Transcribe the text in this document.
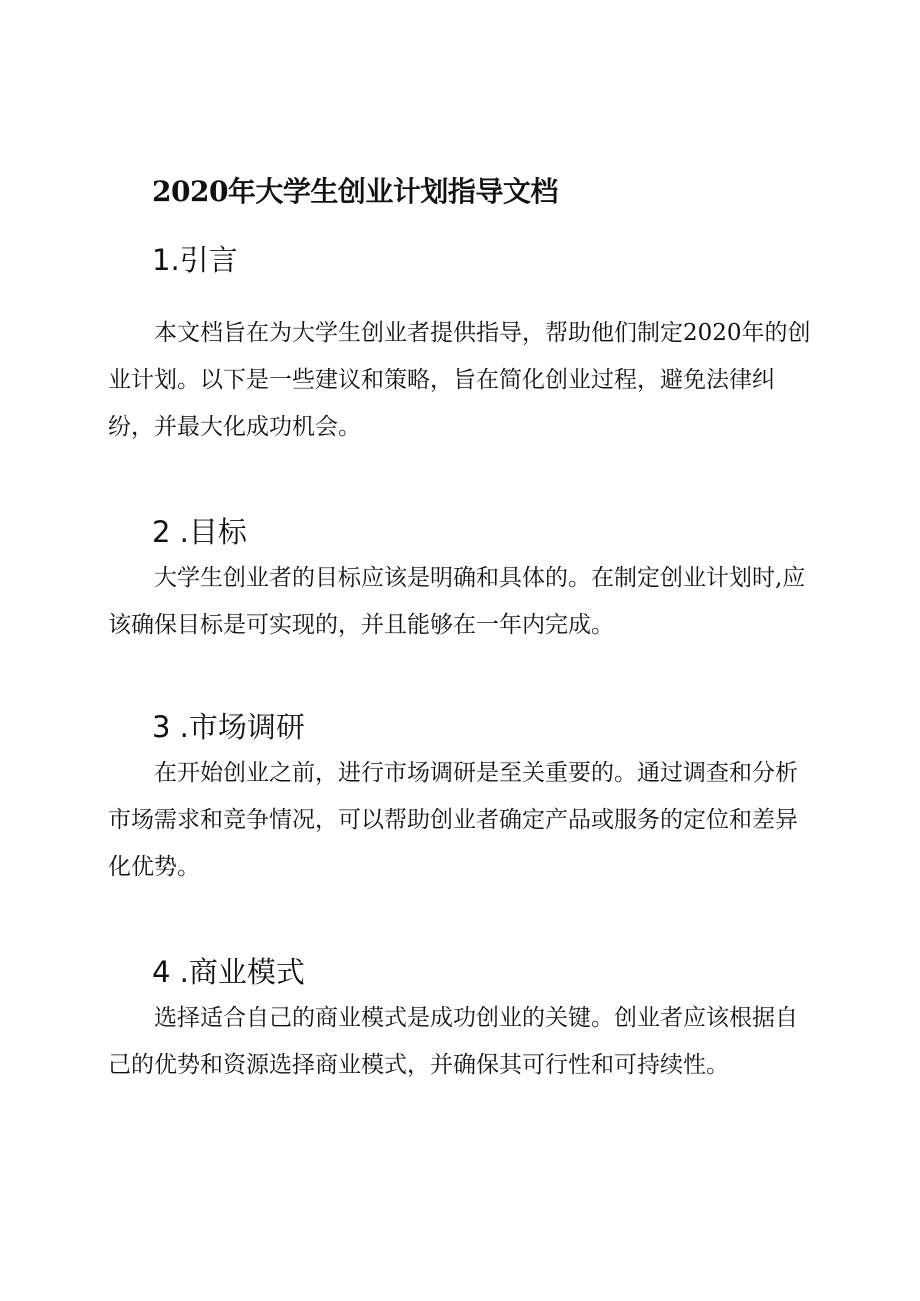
2020年大学生创业计划指导文档
1.引言

本文档旨在为大学生创业者提供指导，帮助他们制定2020年的创业计划。以下是一些建议和策略，旨在简化创业过程，避免法律纠纷，并最大化成功机会。

2 .目标

大学生创业者的目标应该是明确和具体的。在制定创业计划时,应该确保目标是可实现的，并且能够在一年内完成。

3 .市场调研

在开始创业之前，进行市场调研是至关重要的。通过调查和分析市场需求和竞争情况，可以帮助创业者确定产品或服务的定位和差异化优势。

4 .商业模式

选择适合自己的商业模式是成功创业的关键。创业者应该根据自己的优势和资源选择商业模式，并确保其可行性和可持续性。
